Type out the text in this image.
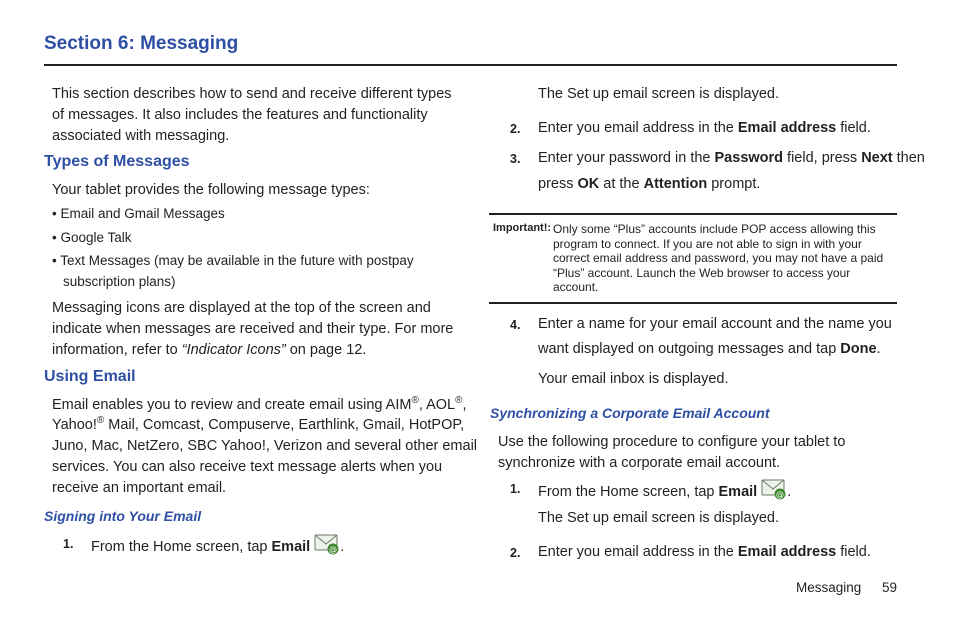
Section 6: Messaging
This section describes how to send and receive different types of messages. It also includes the features and functionality associated with messaging.
Types of Messages
Your tablet provides the following message types:
• Email and Gmail Messages
• Google Talk
• Text Messages (may be available in the future with postpay
subscription plans)
Messaging icons are displayed at the top of the screen and
indicate when messages are received and their type. For more
information, refer to “Indicator Icons” on page 12.
Using Email
Email enables you to review and create email using AIM®, AOL®,
Yahoo!® Mail, Comcast, Compuserve, Earthlink, Gmail, HotPOP,
Juno, Mac, NetZero, SBC Yahoo!, Verizon and several other email
services. You can also receive text message alerts when you
receive an important email.
Signing into Your Email
1. From the Home screen, tap Email @ .
The Set up email screen is displayed.
2. Enter you email address in the Email address field.
3. Enter your password in the Password field, press Next then
press OK at the Attention prompt.
Important!: Only some “Plus” accounts include POP access allowing this
program to connect. If you are not able to sign in with your
correct email address and password, you may not have a paid
“Plus” account. Launch the Web browser to access your
account.
4. Enter a name for your email account and the name you
want displayed on outgoing messages and tap Done.
Your email inbox is displayed.
Synchronizing a Corporate Email Account
Use the following procedure to configure your tablet to
synchronize with a corporate email account.
1. From the Home screen, tap Email @ .
The Set up email screen is displayed.
2. Enter you email address in the Email address field.
Messaging 59
